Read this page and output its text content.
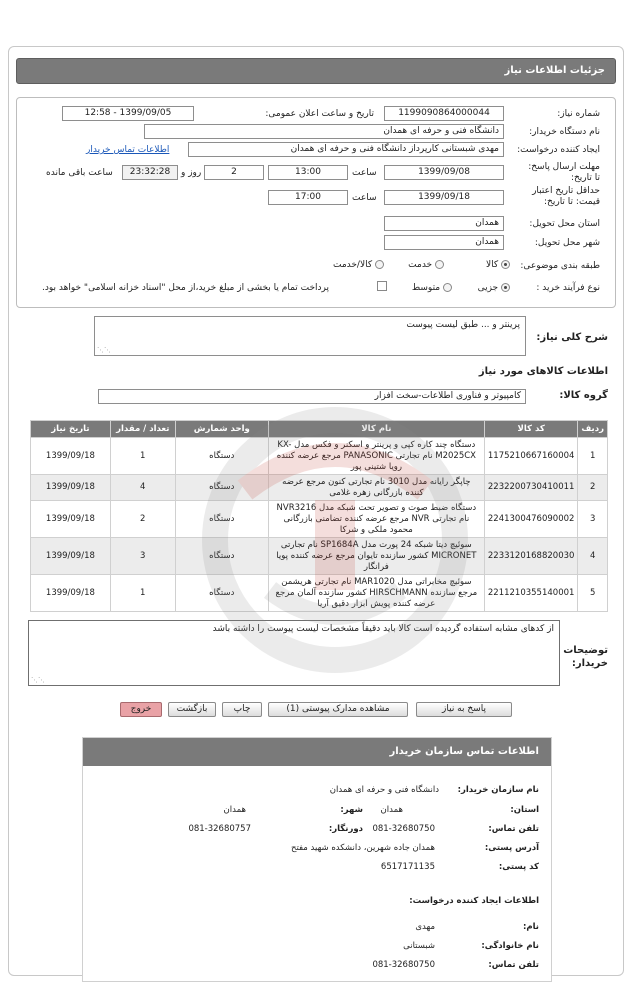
جزئیات اطلاعات نیاز
شماره نیاز:
1199090864000044
تاریخ و ساعت اعلان عمومی:
1399/09/05 - 12:58
نام دستگاه خریدار:
دانشگاه فنی و حرفه ای همدان
ایجاد کننده درخواست:
مهدی شبستانی کارپرداز دانشگاه فنی و حرفه ای همدان
اطلاعات تماس خریدار
مهلت ارسال پاسخ: تا تاریخ:
1399/09/08
ساعت
13:00
2
روز و
23:32:28
ساعت باقی مانده
حداقل تاریخ اعتبار قیمت: تا تاریخ:
1399/09/18
ساعت
17:00
استان محل تحویل:
همدان
شهر محل تحویل:
همدان
طبقه بندی موضوعی:
کالا
خدمت
کالا/خدمت
نوع فرآیند خرید :
جزیی
متوسط
پرداخت تمام یا بخشی از مبلغ خرید،از محل "اسناد خزانه اسلامی" خواهد بود.
شرح کلی نیاز:
پرینتر و ... طبق لیست پیوست
⋰⋰
اطلاعات کالاهای مورد نیاز
گروه کالا:
کامپیوتر و فناوری اطلاعات-سخت افزار
ردیف	کد کالا	نام کالا	واحد شمارش	تعداد / مقدار	تاریخ نیاز
1	1175210667160004	دستگاه چند کاره کپی و پرینتر و اسکنر و فکس مدل KX-M2025CX نام تجارتی PANASONIC مرجع عرضه کننده رویا شتینی پور	دستگاه	1	1399/09/18
2	2232200730410011	چاپگر رایانه مدل 3010 نام تجارتی کنون مرجع عرضه کننده بازرگانی زهره غلامی	دستگاه	4	1399/09/18
3	2241300476090002	دستگاه ضبط صوت و تصویر تحت شبکه مدل NVR3216 نام تجارتی NVR مرجع عرضه کننده تضامنی بازرگانی محمود ملکی و شرکا	دستگاه	2	1399/09/18
4	2233120168820030	سوئیچ دیتا شبکه 24 پورت مدل SP1684A نام تجارتی MICRONET کشور سازنده تایوان مرجع عرضه کننده پویا فرانگار	دستگاه	3	1399/09/18
5	2211210355140001	سوئیچ مخابراتی مدل MAR1020 نام تجارتی هریشمن مرجع سازنده HIRSCHMANN کشور سازنده آلمان مرجع عرضه کننده پویش ابزار دقیق آریا	دستگاه	1	1399/09/18
از کدهای مشابه استفاده گردیده است کالا باید دقیقاً مشخصات لیست پیوست را داشته باشد
⋰⋰
توضیحات خریدار:
پاسخ به نیاز
مشاهده مدارک پیوستی (1)
چاپ
بازگشت
خروج
اطلاعات تماس سازمان خریدار
نام سازمان خریدار:
دانشگاه فنی و حرفه ای همدان
استان:
همدان
شهر:
همدان
تلفن تماس:
081-32680750
دورنگار:
081-32680757
آدرس پستی:
همدان جاده شهرین، دانشکده شهید مفتح
کد پستی:
6517171135
اطلاعات ایجاد کننده درخواست:
نام:
مهدی
نام خانوادگی:
شبستانی
تلفن تماس:
081-32680750
